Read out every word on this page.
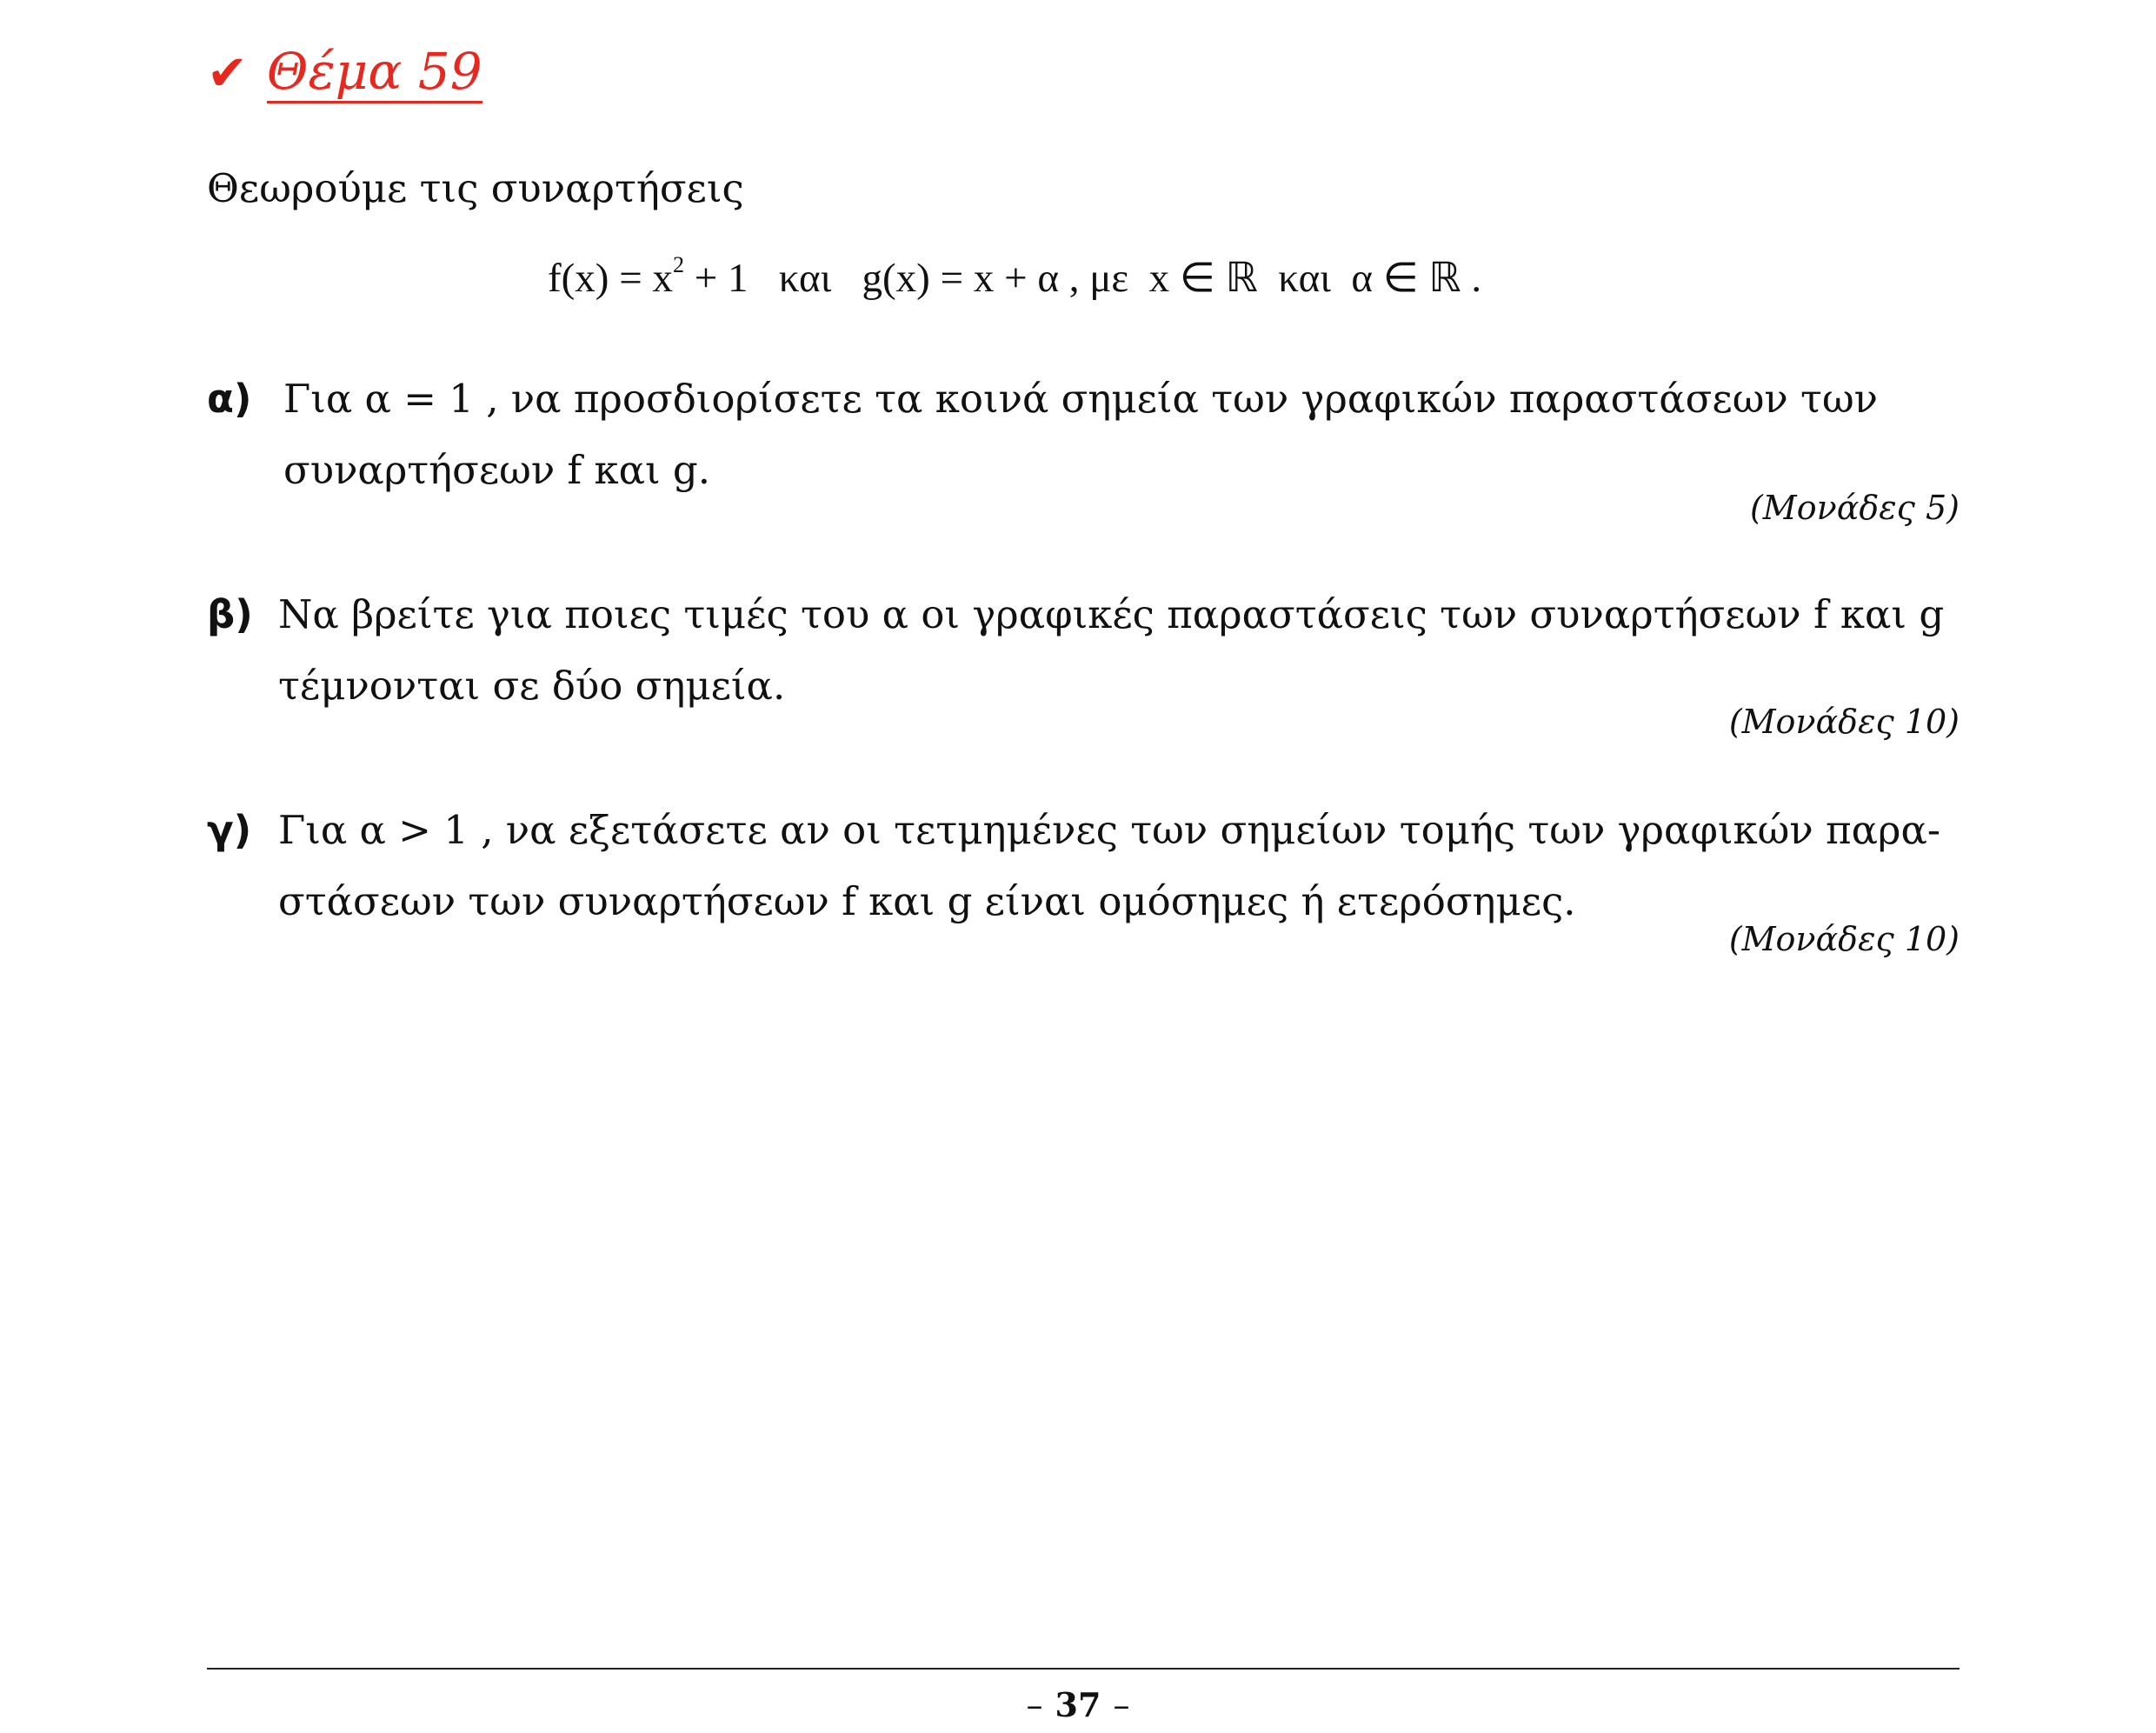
✔ Θέμα 59
Θεωρούμε τις συναρτήσεις
$f(x) = x^2 + 1$   και   g(x) = x + α , με  x ∈ ℝ  και  α ∈ ℝ .
α) Για α = 1 , να προσδιορίσετε τα κοινά σημεία των γραφικών παραστάσεων των
συναρτήσεων f και g.
(Μονάδες 5)
β) Να βρείτε για ποιες τιμές του α οι γραφικές παραστάσεις των συναρτήσεων f και g
τέμνονται σε δύο σημεία.
(Μονάδες 10)
γ) Για α > 1 , να εξετάσετε αν οι τετμημένες των σημείων τομής των γραφικών παρα-
στάσεων των συναρτήσεων f και g είναι ομόσημες ή ετερόσημες.
(Μονάδες 10)
– 37 –
